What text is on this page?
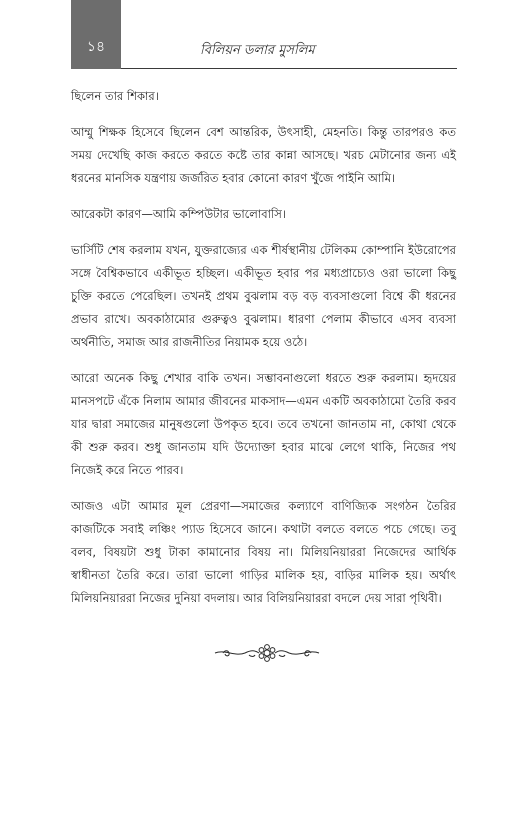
১৪	বিলিয়ন ডলার মুসলিম

ছিলেন তার শিকার।

আম্মু শিক্ষক হিসেবে ছিলেন বেশ আন্তরিক, উৎসাহী, মেহনতি। কিন্তু তারপরও কত সময় দেখেছি কাজ করতে করতে কষ্টে তার কান্না আসছে। খরচ মেটানোর জন্য এই ধরনের মানসিক যন্ত্রণায় জর্জরিত হবার কোনো কারণ খুঁজে পাইনি আমি।

আরেকটা কারণ—আমি কম্পিউটার ভালোবাসি।

ভার্সিটি শেষ করলাম যখন, যুক্তরাজ্যের এক শীর্ষস্থানীয় টেলিকম কোম্পানি ইউরোপের সঙ্গে বৈশ্বিকভাবে একীভূত হচ্ছিল। একীভূত হবার পর মধ্যপ্রাচ্যেও ওরা ভালো কিছু চুক্তি করতে পেরেছিল। তখনই প্রথম বুঝলাম বড় বড় ব্যবসাগুলো বিশ্বে কী ধরনের প্রভাব রাখে। অবকাঠামোর গুরুত্বও বুঝলাম। ধারণা পেলাম কীভাবে এসব ব্যবসা অর্থনীতি, সমাজ আর রাজনীতির নিয়ামক হয়ে ওঠে।

আরো অনেক কিছু শেখার বাকি তখন। সম্ভাবনাগুলো ধরতে শুরু করলাম। হৃদয়ের মানসপটে এঁকে নিলাম আমার জীবনের মাকসাদ—এমন একটি অবকাঠামো তৈরি করব যার দ্বারা সমাজের মানুষগুলো উপকৃত হবে। তবে তখনো জানতাম না, কোথা থেকে কী শুরু করব। শুধু জানতাম যদি উদ্যোক্তা হবার মাঝে লেগে থাকি, নিজের পথ নিজেই করে নিতে পারব।

আজও এটা আমার মূল প্রেরণা—সমাজের কল্যাণে বাণিজ্যিক সংগঠন তৈরির কাজটিকে সবাই লঞ্চিং প্যাড হিসেবে জানে। কথাটা বলতে বলতে পচে গেছে। তবু বলব, বিষয়টা শুধু টাকা কামানোর বিষয় না। মিলিয়নিয়াররা নিজেদের আর্থিক স্বাধীনতা তৈরি করে। তারা ভালো গাড়ির মালিক হয়, বাড়ির মালিক হয়। অর্থাৎ মিলিয়নিয়াররা নিজের দুনিয়া বদলায়। আর বিলিয়নিয়াররা বদলে দেয় সারা পৃথিবী।
